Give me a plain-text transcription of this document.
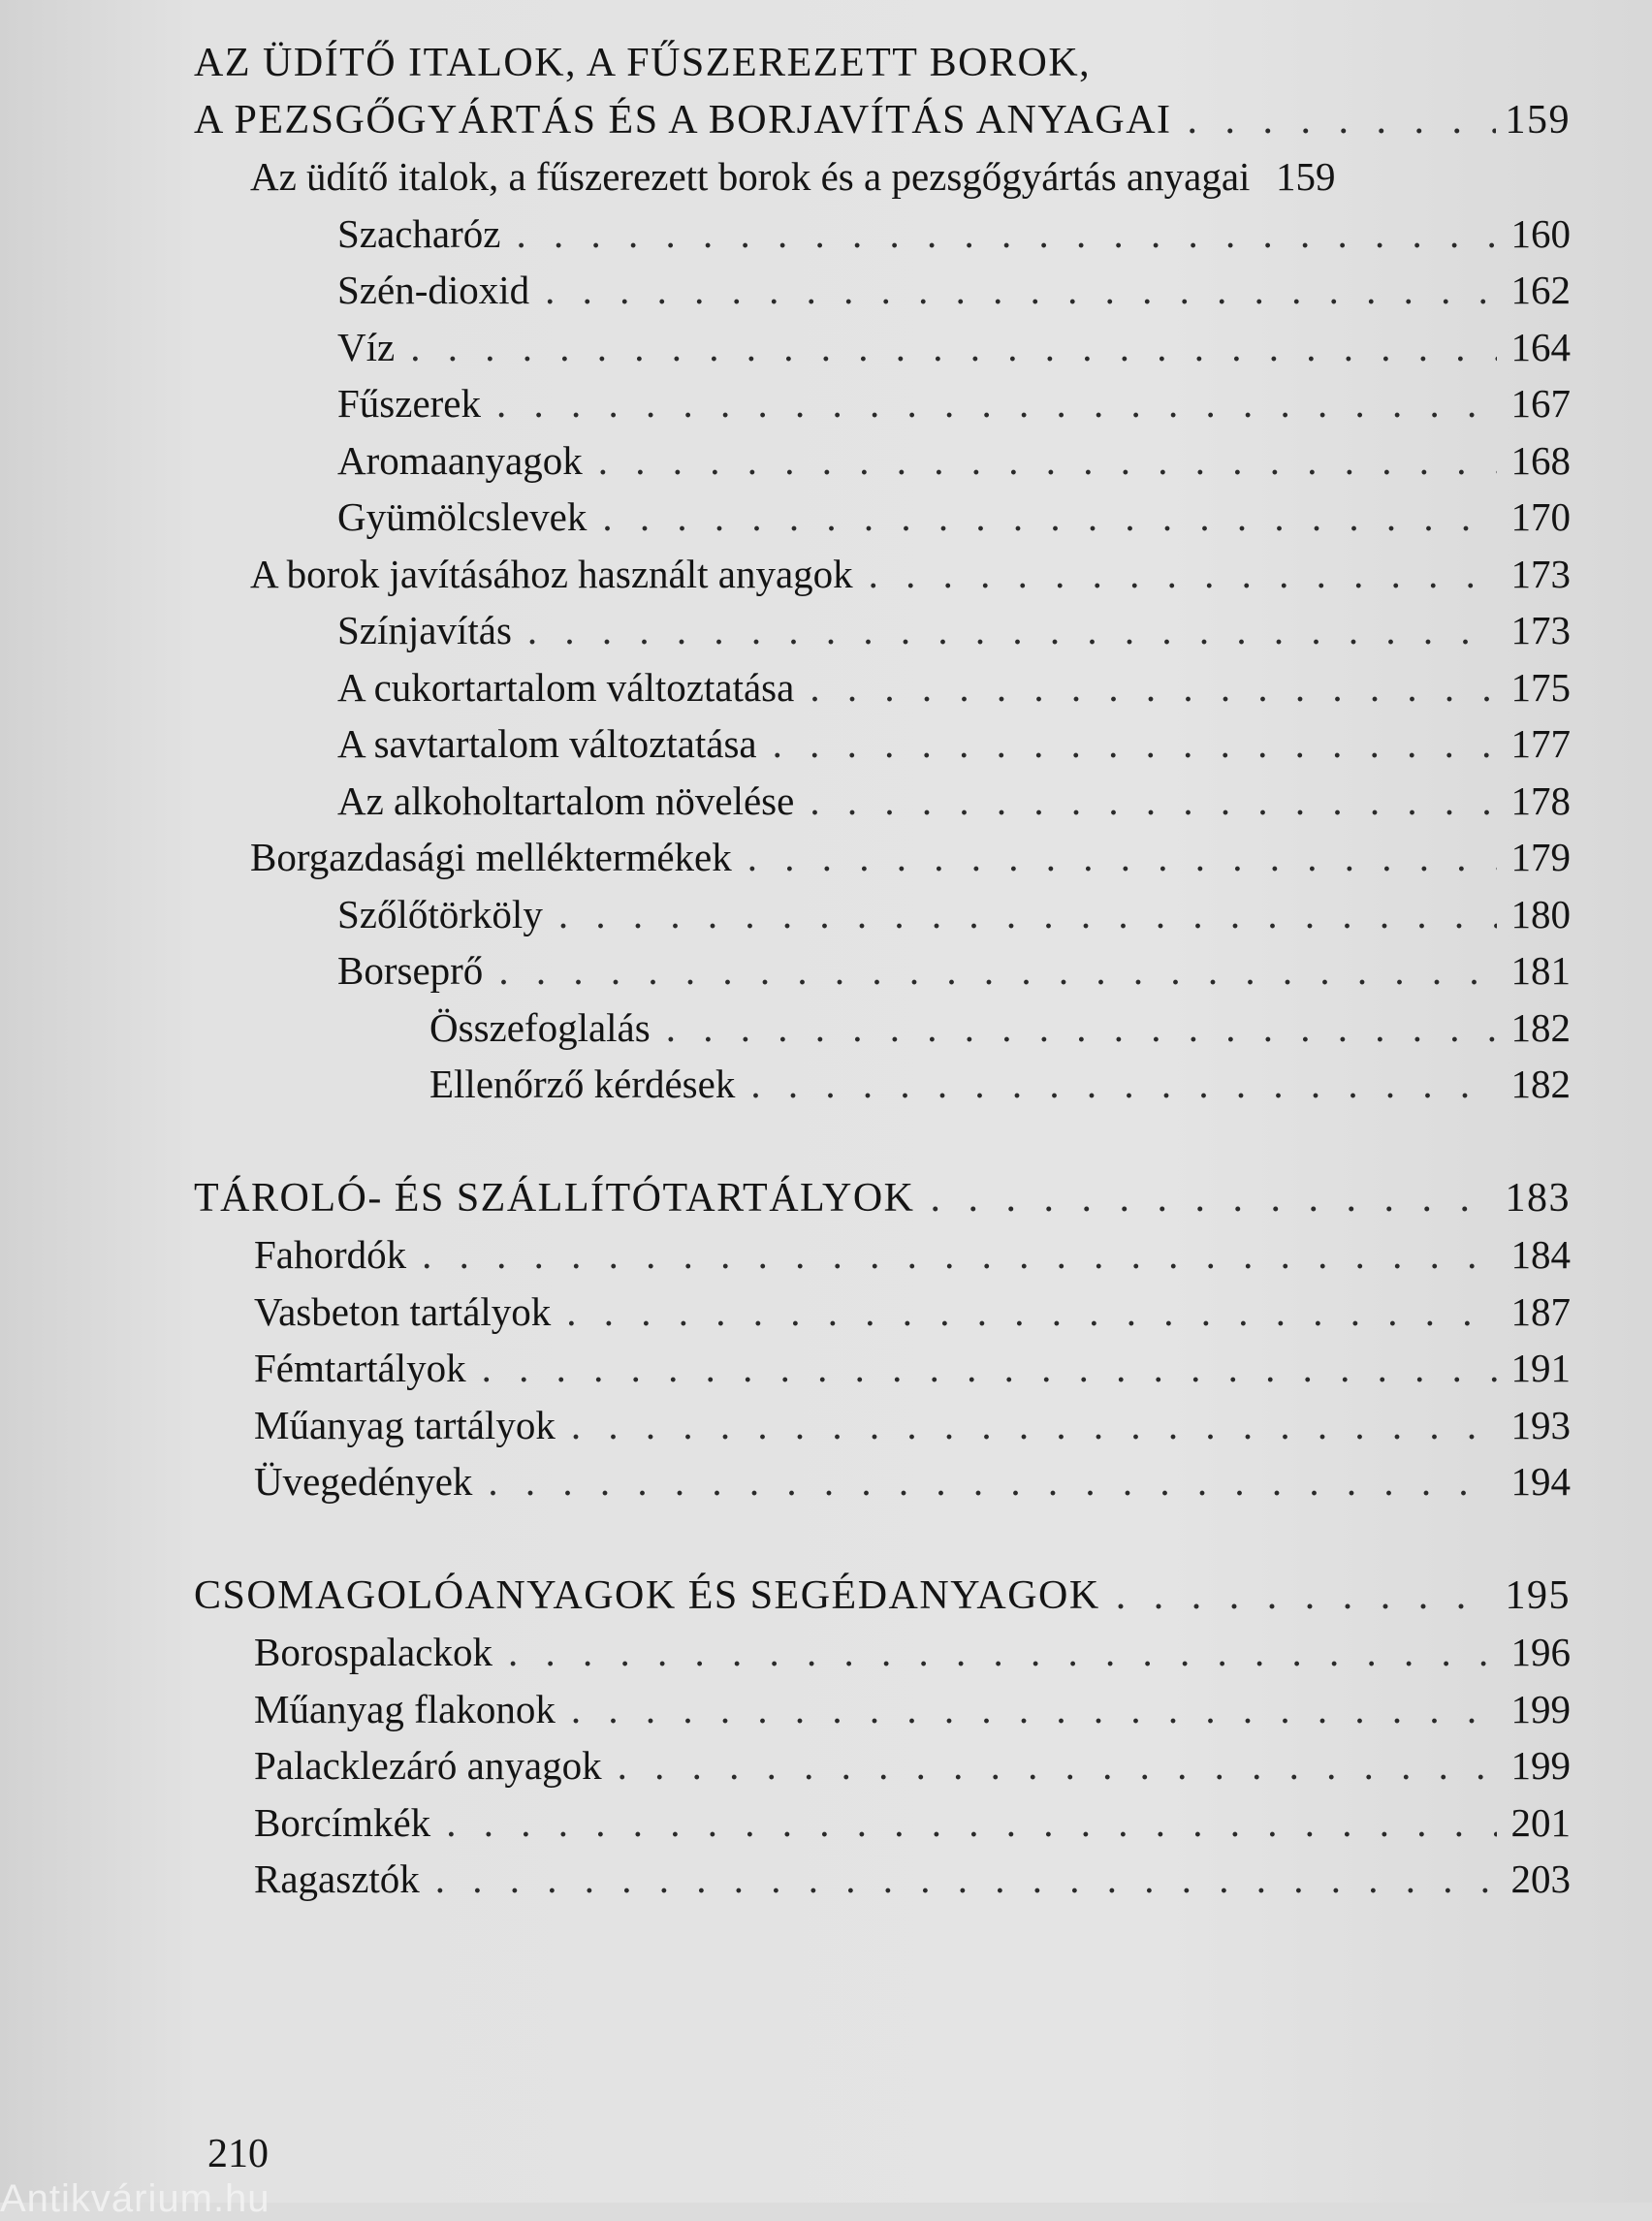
AZ ÜDÍTŐ ITALOK, A FŰSZEREZETT BOROK,
A PEZSGŐGYÁRTÁS ÉS A BORJAVÍTÁS ANYAGAI . . .	159
Az üdítő italok, a fűszerezett borok és a pezsgőgyártás anyagai 159
Szacharóz . . .	160
Szén-dioxid . . .	162
Víz . . .	164
Fűszerek . . .	167
Aromaanyagok . . .	168
Gyümölcslevek . . .	170
A borok javításához használt anyagok . . .	173
Színjavítás . . .	173
A cukortartalom változtatása . . .	175
A savtartalom változtatása . . .	177
Az alkoholtartalom növelése . . .	178
Borgazdasági melléktermékek . . .	179
Szőlőtörköly . . .	180
Borseprő . . .	181
Összefoglalás . . .	182
Ellenőrző kérdések . . .	182
TÁROLÓ- ÉS SZÁLLÍTÓTARTÁLYOK . . .	183
Fahordók . . .	184
Vasbeton tartályok . . .	187
Fémtartályok . . .	191
Műanyag tartályok . . .	193
Üvegedények . . .	194
CSOMAGOLÓANYAGOK ÉS SEGÉDANYAGOK . . .	195
Borospalackok . . .	196
Műanyag flakonok . . .	199
Palacklezáró anyagok . . .	199
Borcímkék . . .	201
Ragasztók . . .	203
210
Antikvárium.hu
